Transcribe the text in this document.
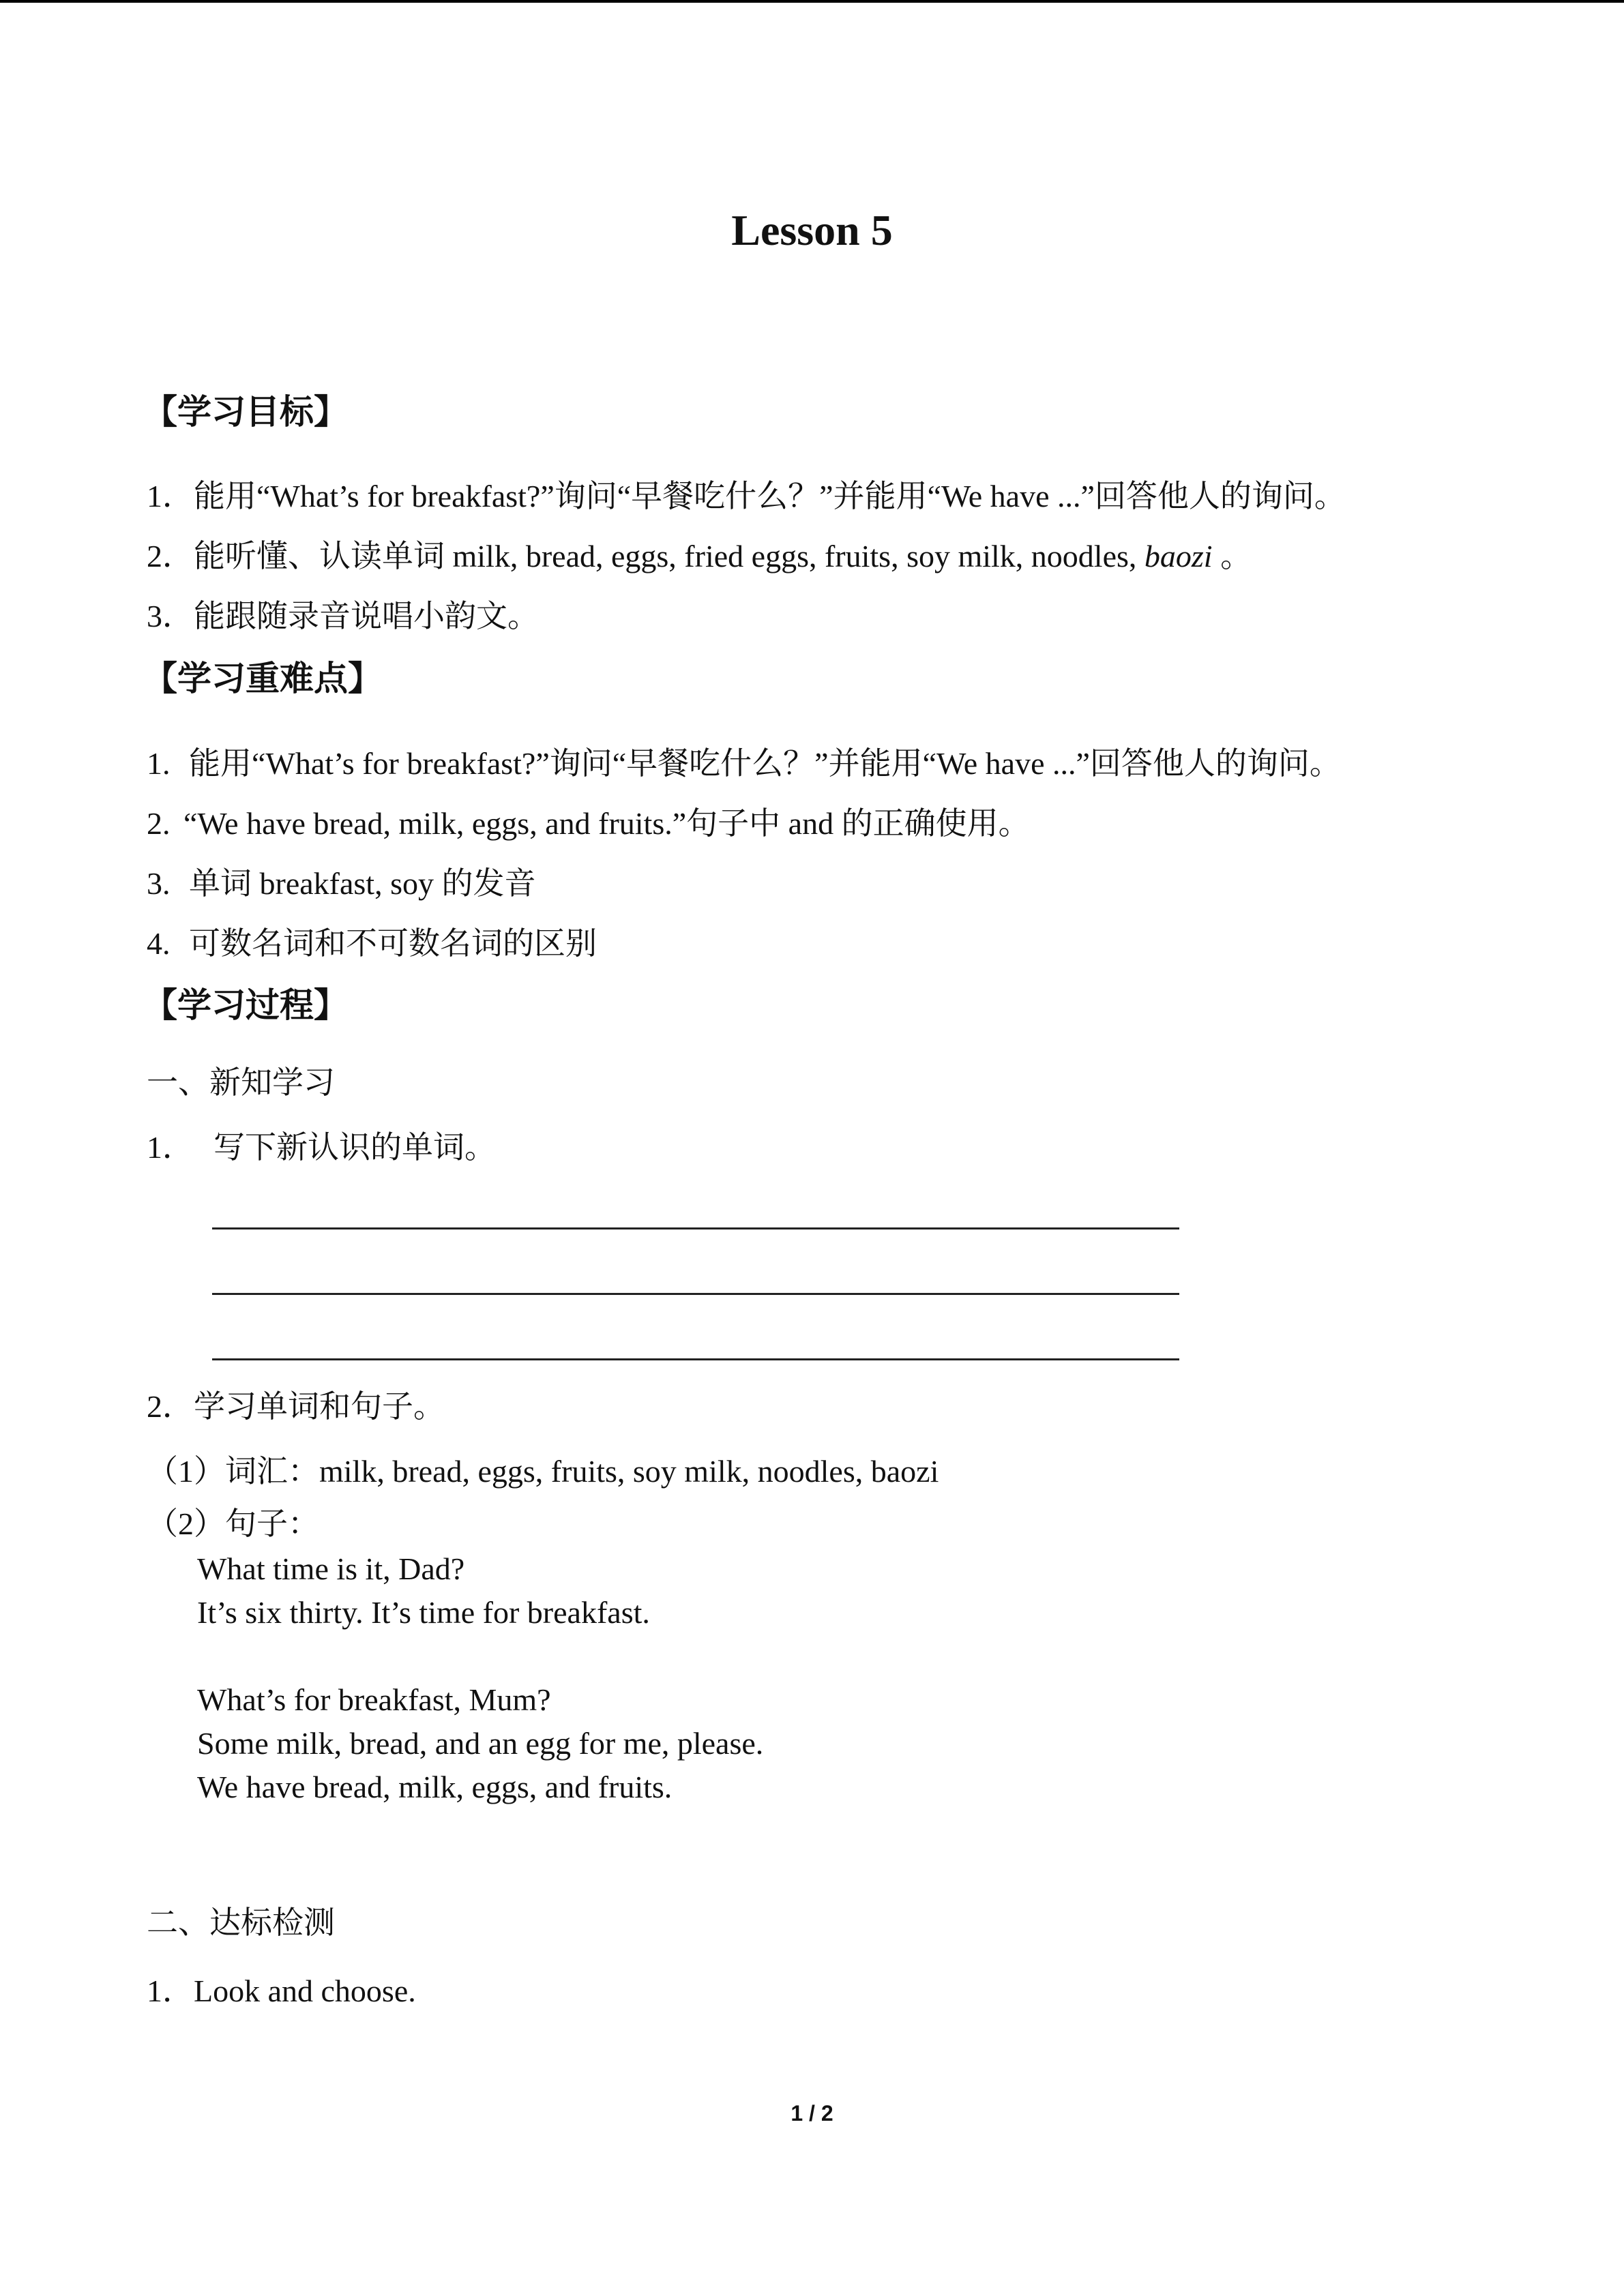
Lesson 5
【学习目标】
1．能用“What’s for breakfast?”询问“早餐吃什么？”并能用“We have ...”回答他人的询问。
2．能听懂、认读单词 milk, bread, eggs, fried eggs, fruits, soy milk, noodles, baozi 。
3．能跟随录音说唱小韵文。
【学习重难点】
1. 能用“What’s for breakfast?”询问“早餐吃什么？”并能用“We have ...”回答他人的询问。
2. “We have bread, milk, eggs, and fruits.”句子中 and 的正确使用。
3. 单词 breakfast, soy 的发音
4. 可数名词和不可数名词的区别
【学习过程】
一、新知学习
1． 写下新认识的单词。
2．学习单词和句子。
（1）词汇：milk, bread, eggs, fruits, soy milk, noodles, baozi
（2）句子：
What time is it, Dad?
It’s six thirty. It’s time for breakfast.
What’s for breakfast, Mum?
Some milk, bread, and an egg for me, please.
We have bread, milk, eggs, and fruits.
二、达标检测
1．Look and choose.
1 / 2
